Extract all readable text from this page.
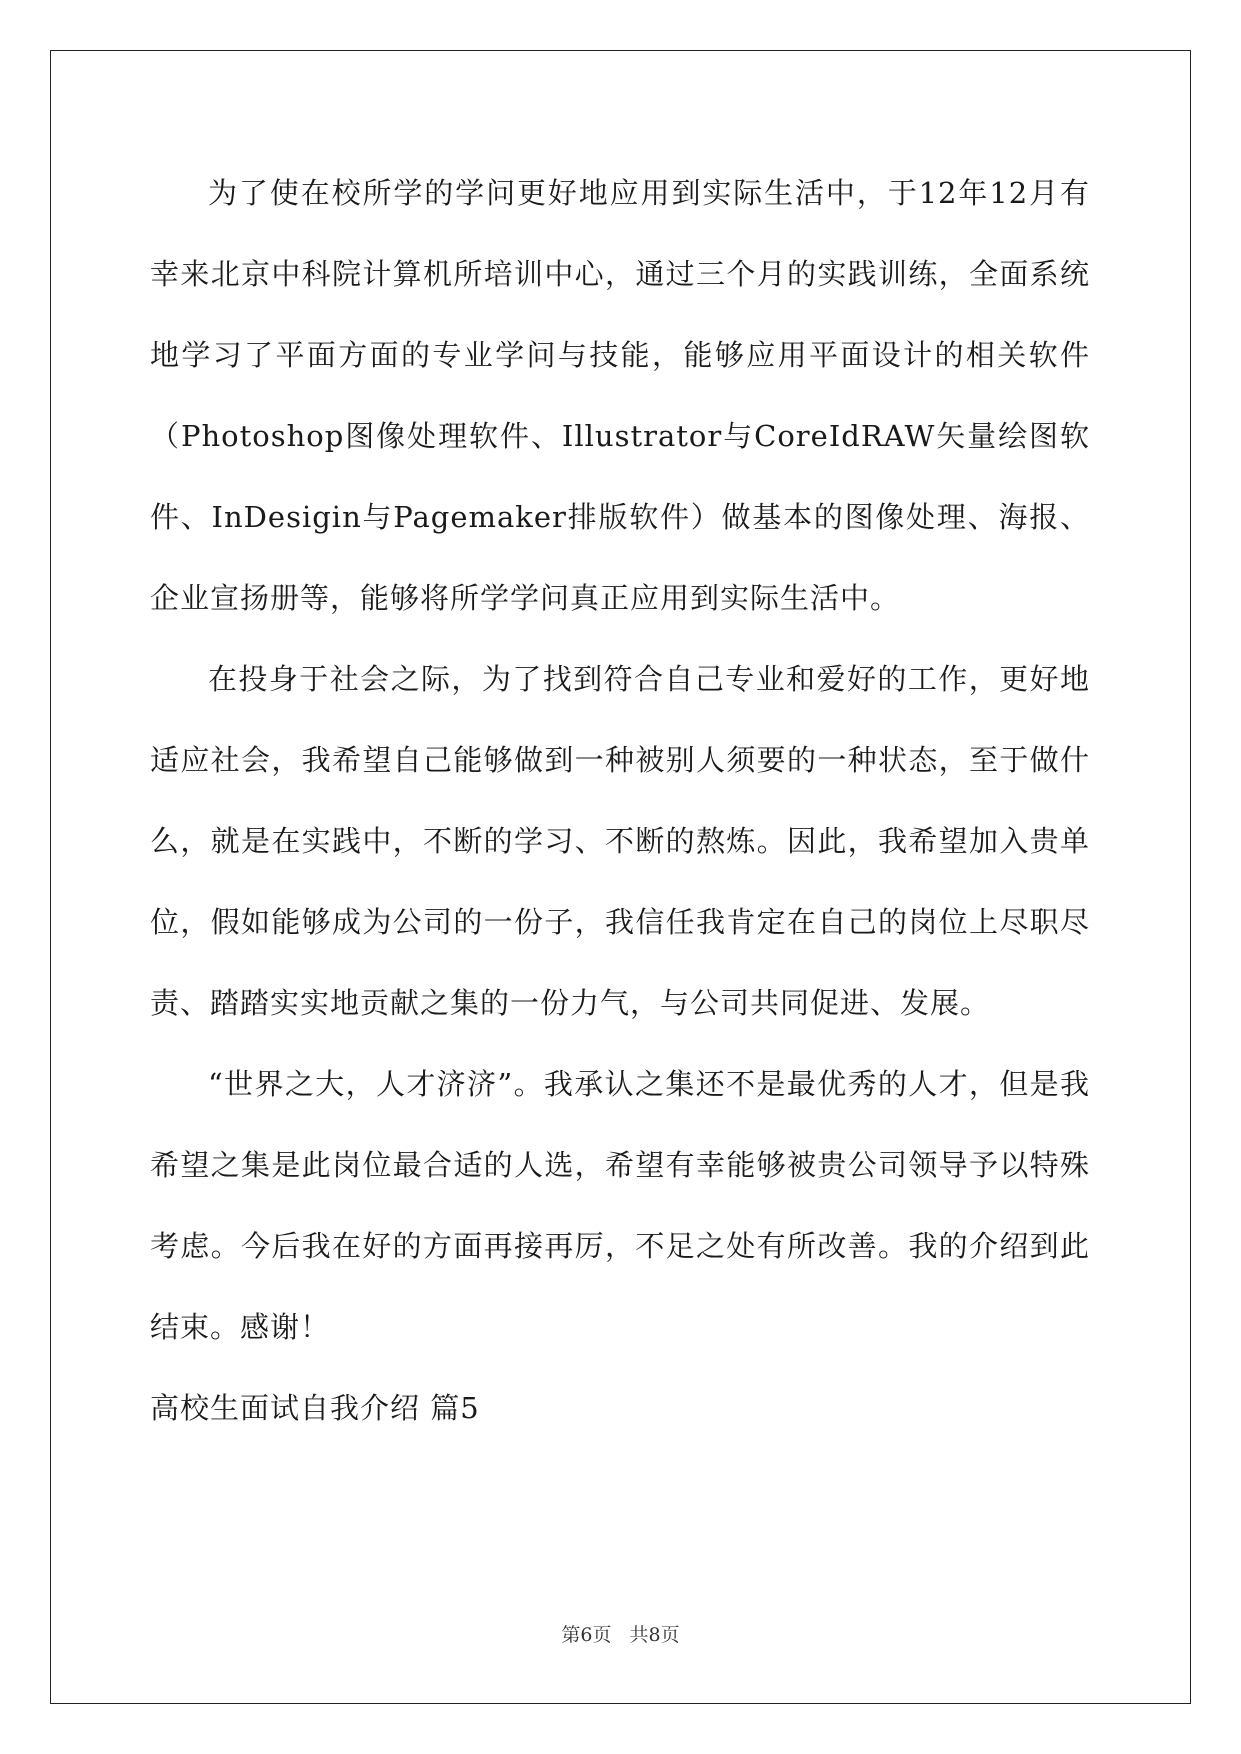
为了使在校所学的学问更好地应用到实际生活中，于12年12月有幸来北京中科院计算机所培训中心，通过三个月的实践训练，全面系统地学习了平面方面的专业学问与技能，能够应用平面设计的相关软件（Photoshop图像处理软件、Illustrator与CoreIdRAW矢量绘图软件、InDesigin与Pagemaker排版软件）做基本的图像处理、海报、企业宣扬册等，能够将所学学问真正应用到实际生活中。

在投身于社会之际，为了找到符合自己专业和爱好的工作，更好地适应社会，我希望自己能够做到一种被别人须要的一种状态，至于做什么，就是在实践中，不断的学习、不断的熬炼。因此，我希望加入贵单位，假如能够成为公司的一份子，我信任我肯定在自己的岗位上尽职尽责、踏踏实实地贡献之集的一份力气，与公司共同促进、发展。

“世界之大，人才济济”。我承认之集还不是最优秀的人才，但是我希望之集是此岗位最合适的人选，希望有幸能够被贵公司领导予以特殊考虑。今后我在好的方面再接再厉，不足之处有所改善。我的介绍到此结束。感谢！

高校生面试自我介绍 篇5

第6页 共8页
